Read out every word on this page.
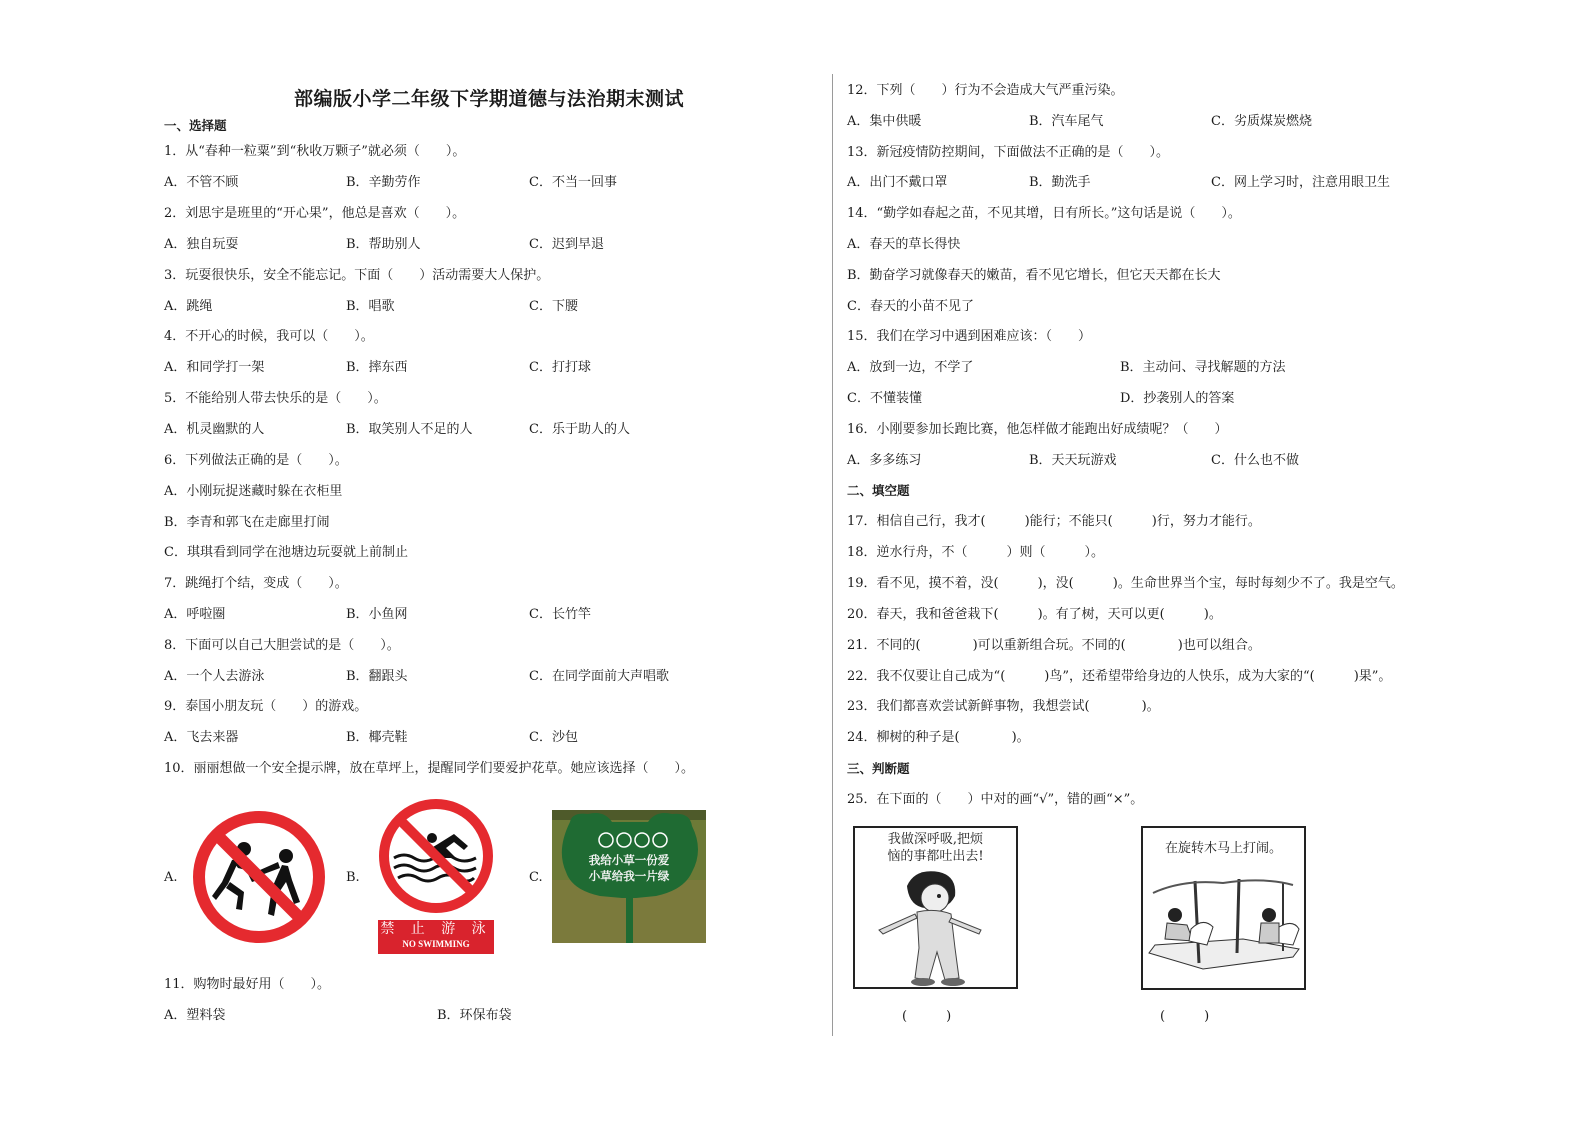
部编版小学二年级下学期道德与法治期末测试
一、选择题
1．从“春种一粒粟”到“秋收万颗子”就必须（　　）。
A．不管不顾	B．辛勤劳作	C．不当一回事
2．刘思宇是班里的“开心果”，他总是喜欢（　　）。
A．独自玩耍	B．帮助别人	C．迟到早退
3．玩耍很快乐，安全不能忘记。下面（　　）活动需要大人保护。
A．跳绳	B．唱歌	C．下腰
4．不开心的时候，我可以（　　）。
A．和同学打一架	B．摔东西	C．打打球
5．不能给别人带去快乐的是（　　）。
A．机灵幽默的人	B．取笑别人不足的人	C．乐于助人的人
6．下列做法正确的是（　　）。
A．小刚玩捉迷藏时躲在衣柜里
B．李青和郭飞在走廊里打闹
C．琪琪看到同学在池塘边玩耍就上前制止
7．跳绳打个结，变成（　　）。
A．呼啦圈	B．小鱼网	C．长竹竿
8．下面可以自己大胆尝试的是（　　）。
A．一个人去游泳	B．翻跟头	C．在同学面前大声唱歌
9．泰国小朋友玩（　　）的游戏。
A．飞去来器	B．椰壳鞋	C．沙包
10．丽丽想做一个安全提示牌，放在草坪上，提醒同学们要爱护花草。她应该选择（　　）。
A.	B.
禁 止 游 泳
NO SWIMMING
C.
我给小草一份爱
小草给我一片绿
11．购物时最好用（　　）。
A．塑料袋	B．环保布袋
12．下列（　　）行为不会造成大气严重污染。
A．集中供暖	B．汽车尾气	C．劣质煤炭燃烧
13．新冠疫情防控期间，下面做法不正确的是（　　）。
A．出门不戴口罩	B．勤洗手	C．网上学习时，注意用眼卫生
14．“勤学如春起之苗，不见其增，日有所长。”这句话是说（　　）。
A．春天的草长得快
B．勤奋学习就像春天的嫩苗，看不见它增长，但它天天都在长大
C．春天的小苗不见了
15．我们在学习中遇到困难应该：（　　）
A．放到一边，不学了	B．主动问、寻找解题的方法
C．不懂装懂	D．抄袭别人的答案
16．小刚要参加长跑比赛，他怎样做才能跑出好成绩呢？（　　）
A．多多练习	B．天天玩游戏	C．什么也不做
二、填空题
17．相信自己行，我才(　　　)能行；不能只(　　　)行，努力才能行。
18．逆水行舟，不（　　　）则（　　　）。
19．看不见，摸不着，没(　　　)，没(　　　)。生命世界当个宝，每时每刻少不了。我是空气。
20．春天，我和爸爸栽下(　　　)。有了树，天可以更(　　　)。
21．不同的(　　　　)可以重新组合玩。不同的(　　　　)也可以组合。
22．我不仅要让自己成为“(　　　)鸟”，还希望带给身边的人快乐，成为大家的“(　　　)果”。
23．我们都喜欢尝试新鲜事物，我想尝试(　　　　)。
24．柳树的种子是(　　　　)。
三、判断题
25．在下面的（　　）中对的画“√”，错的画“×”。
我做深呼吸,把烦
恼的事都吐出去!
(　　　)
在旋转木马上打闹。
(　　　)
